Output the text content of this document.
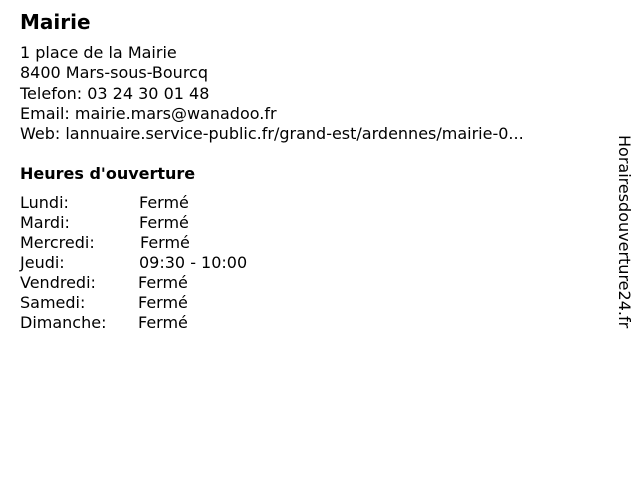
Mairie
1 place de la Mairie
8400 Mars-sous-Bourcq
Telefon: 03 24 30 01 48
Email: mairie.mars@wanadoo.fr
Web: lannuaire.service-public.fr/grand-est/ardennes/mairie-0...
Heures d'ouverture
Lundi:	Fermé
Mardi:	Fermé
Mercredi:	Fermé
Jeudi:	09:30 - 10:00
Vendredi:	Fermé
Samedi:	Fermé
Dimanche: Fermé	Horairesdouverture24.fr
